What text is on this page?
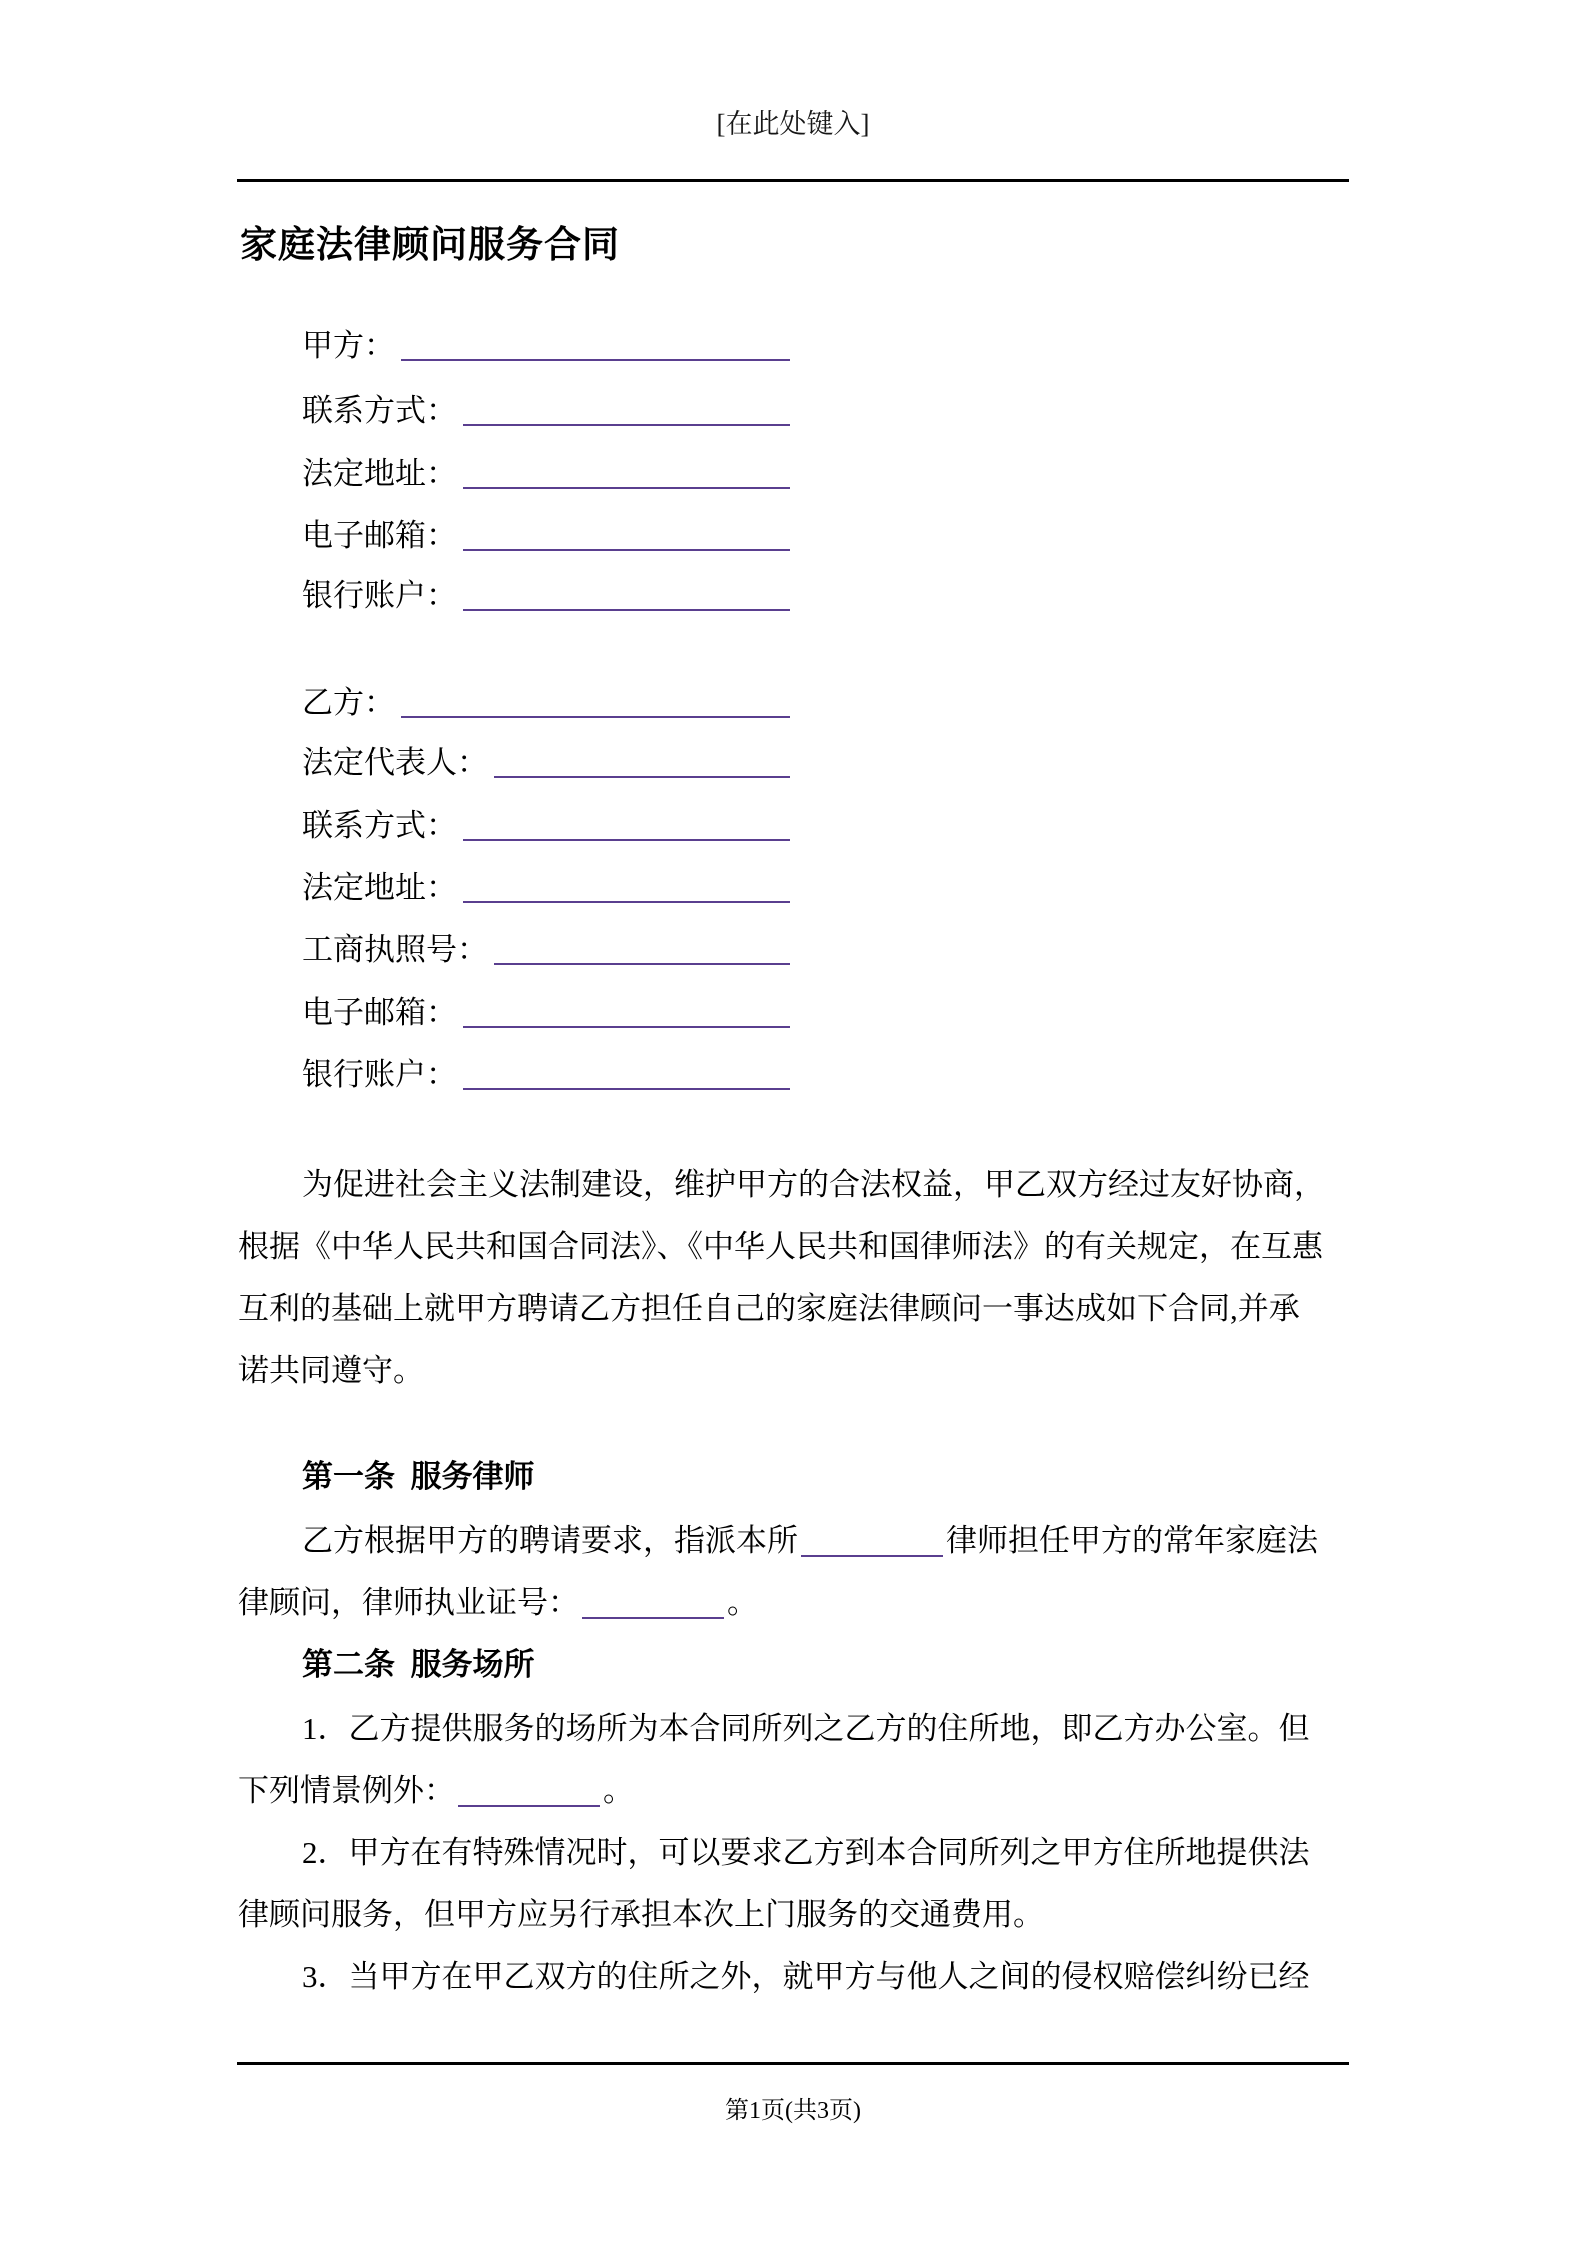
[在此处键入]
家庭法律顾问服务合同
甲方：
联系方式：
法定地址：
电子邮箱：
银行账户：
乙方：
法定代表人：
联系方式：
法定地址：
工商执照号：
电子邮箱：
银行账户：
为促进社会主义法制建设，维护甲方的合法权益，甲乙双方经过友好协商，
根据《中华人民共和国合同法》、《中华人民共和国律师法》的有关规定，在互惠
互利的基础上就甲方聘请乙方担任自己的家庭法律顾问一事达成如下合同,并承
诺共同遵守。
第一条 服务律师
乙方根据甲方的聘请要求，指派本所	律师担任甲方的常年家庭法
律顾问，律师执业证号：	。
第二条 服务场所
1．乙方提供服务的场所为本合同所列之乙方的住所地，即乙方办公室。但
下列情景例外：	。
2．甲方在有特殊情况时，可以要求乙方到本合同所列之甲方住所地提供法
律顾问服务，但甲方应另行承担本次上门服务的交通费用。
3．当甲方在甲乙双方的住所之外，就甲方与他人之间的侵权赔偿纠纷已经
第1页(共3页)
